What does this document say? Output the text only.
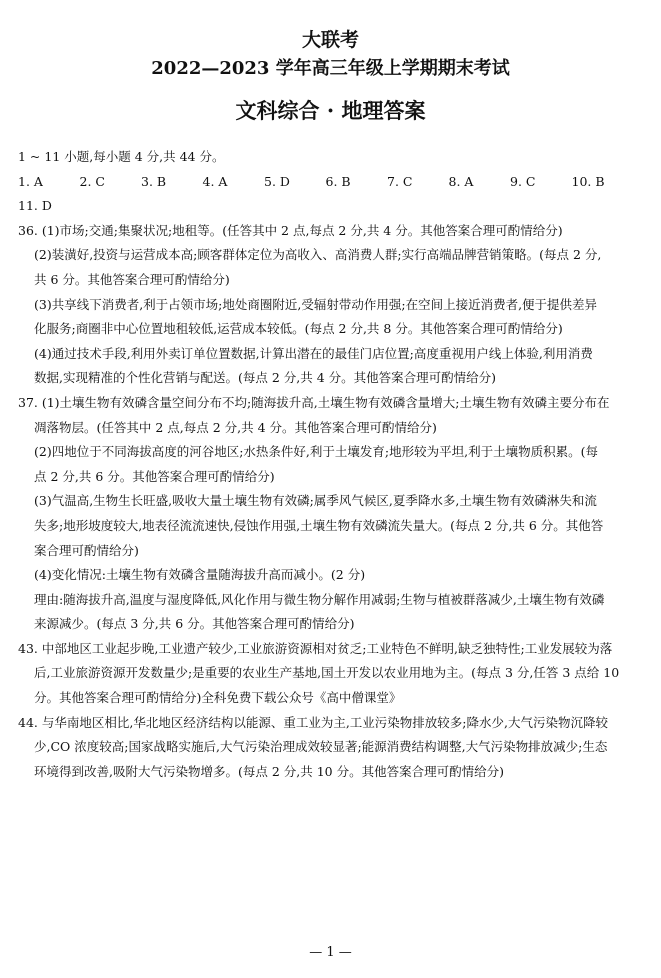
大联考
2022—2023 学年高三年级上学期期末考试
文科综合 · 地理答案

1 ~ 11 小题,每小题 4 分,共 44 分。

1. A	2. C	3. B	4. A	5. D	6. B	7. C	8. A	9. C	10. B

11. D

36. (1)市场;交通;集聚状况;地租等。(任答其中 2 点,每点 2 分,共 4 分。其他答案合理可酌情给分)

(2)装潢好,投资与运营成本高;顾客群体定位为高收入、高消费人群;实行高端品牌营销策略。(每点 2 分,

共 6 分。其他答案合理可酌情给分)

(3)共享线下消费者,利于占领市场;地处商圈附近,受辐射带动作用强;在空间上接近消费者,便于提供差异

化服务;商圈非中心位置地租较低,运营成本较低。(每点 2 分,共 8 分。其他答案合理可酌情给分)

(4)通过技术手段,利用外卖订单位置数据,计算出潜在的最佳门店位置;高度重视用户线上体验,利用消费

数据,实现精准的个性化营销与配送。(每点 2 分,共 4 分。其他答案合理可酌情给分)

37. (1)土壤生物有效磷含量空间分布不均;随海拔升高,土壤生物有效磷含量增大;土壤生物有效磷主要分布在

凋落物层。(任答其中 2 点,每点 2 分,共 4 分。其他答案合理可酌情给分)

(2)四地位于不同海拔高度的河谷地区;水热条件好,利于土壤发育;地形较为平坦,利于土壤物质积累。(每

点 2 分,共 6 分。其他答案合理可酌情给分)

(3)气温高,生物生长旺盛,吸收大量土壤生物有效磷;属季风气候区,夏季降水多,土壤生物有效磷淋失和流

失多;地形坡度较大,地表径流流速快,侵蚀作用强,土壤生物有效磷流失量大。(每点 2 分,共 6 分。其他答

案合理可酌情给分)

(4)变化情况:土壤生物有效磷含量随海拔升高而减小。(2 分)

理由:随海拔升高,温度与湿度降低,风化作用与微生物分解作用减弱;生物与植被群落减少,土壤生物有效磷

来源减少。(每点 3 分,共 6 分。其他答案合理可酌情给分)

43. 中部地区工业起步晚,工业遗产较少,工业旅游资源相对贫乏;工业特色不鲜明,缺乏独特性;工业发展较为落

后,工业旅游资源开发数量少;是重要的农业生产基地,国土开发以农业用地为主。(每点 3 分,任答 3 点给 10

分。其他答案合理可酌情给分)全科免费下载公众号《高中僧课堂》

44. 与华南地区相比,华北地区经济结构以能源、重工业为主,工业污染物排放较多;降水少,大气污染物沉降较

少,CO 浓度较高;国家战略实施后,大气污染治理成效较显著;能源消费结构调整,大气污染物排放减少;生态

环境得到改善,吸附大气污染物增多。(每点 2 分,共 10 分。其他答案合理可酌情给分)

— 1 —
